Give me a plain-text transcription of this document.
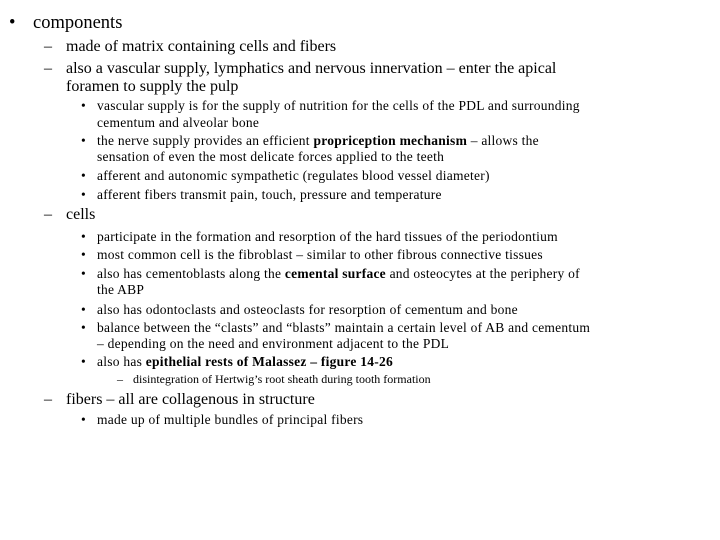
• components
– made of matrix containing cells and fibers
– also a vascular supply, lymphatics and nervous innervation – enter the apical
foramen to supply the pulp
• vascular supply is for the supply of nutrition for the cells of the PDL and surrounding
cementum and alveolar bone
• the nerve supply provides an efficient propriception mechanism – allows the
sensation of even the most delicate forces applied to the teeth
• afferent and autonomic sympathetic (regulates blood vessel diameter)
• afferent fibers transmit pain, touch, pressure and temperature
– cells
• participate in the formation and resorption of the hard tissues of the periodontium
• most common cell is the fibroblast – similar to other fibrous connective tissues
• also has cementoblasts along the cemental surface and osteocytes at the periphery of
the ABP
• also has odontoclasts and osteoclasts for resorption of cementum and bone
• balance between the “clasts” and “blasts” maintain a certain level of AB and cementum
– depending on the need and environment adjacent to the PDL
• also has epithelial rests of Malassez – figure 14-26
– disintegration of Hertwig’s root sheath during tooth formation
– fibers – all are collagenous in structure
• made up of multiple bundles of principal fibers
